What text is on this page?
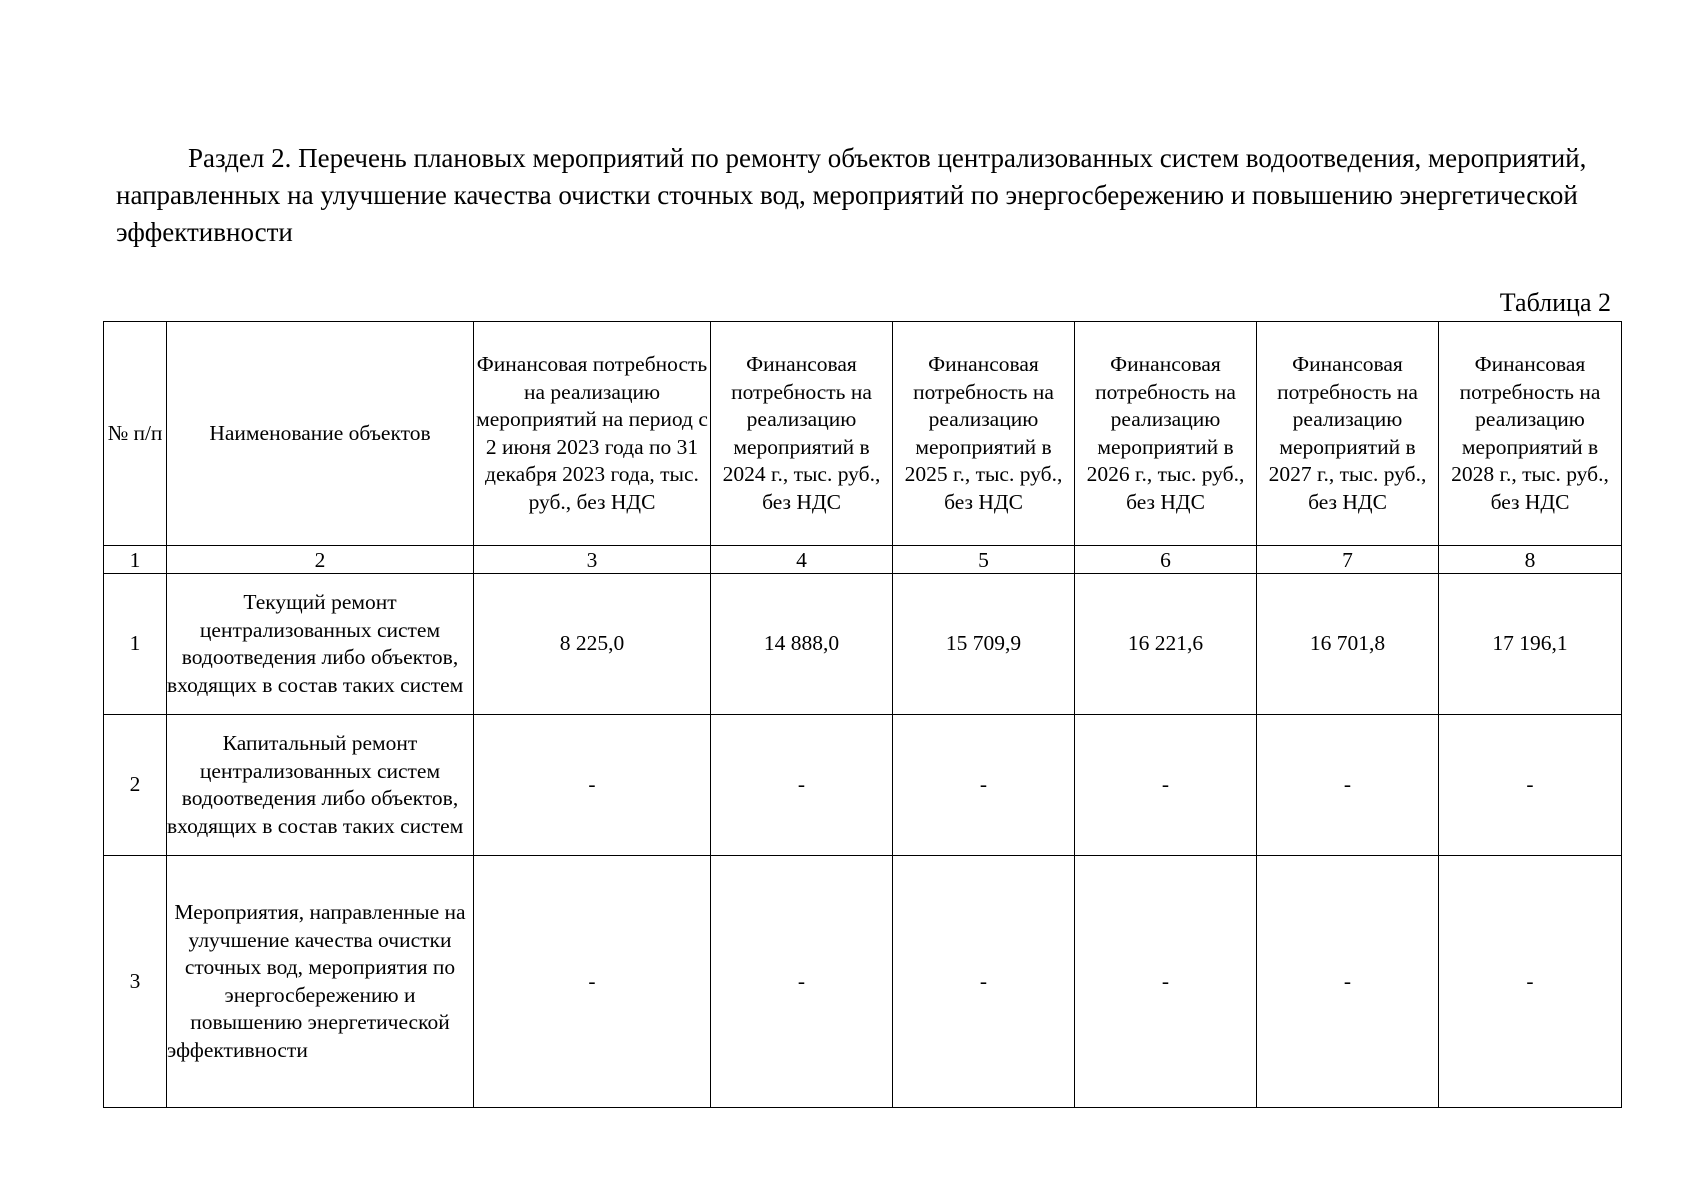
Раздел 2. Перечень плановых мероприятий по ремонту объектов централизованных систем водоотведения, мероприятий, направленных на улучшение качества очистки сточных вод, мероприятий по энергосбережению и повышению энергетической эффективности

Таблица 2
№ п/п	Наименование объектов	Финансовая потребность на реализацию мероприятий на период с 2 июня 2023 года по 31 декабря 2023 года, тыс. руб., без НДС	Финансовая потребность на реализацию мероприятий в 2024 г., тыс. руб., без НДС	Финансовая потребность на реализацию мероприятий в 2025 г., тыс. руб., без НДС	Финансовая потребность на реализацию мероприятий в 2026 г., тыс. руб., без НДС	Финансовая потребность на реализацию мероприятий в 2027 г., тыс. руб., без НДС	Финансовая потребность на реализацию мероприятий в 2028 г., тыс. руб., без НДС
1	2	3	4	5	6	7	8
1	Текущий ремонт централизованных систем водоотведения либо объектов, входящих в состав таких систем	8 225,0	14 888,0	15 709,9	16 221,6	16 701,8	17 196,1
2	Капитальный ремонт централизованных систем водоотведения либо объектов, входящих в состав таких систем	-	-	-	-	-	-
3	Мероприятия, направленные на улучшение качества очистки сточных вод, мероприятия по энергосбережению и повышению энергетической эффективности	-	-	-	-	-	-
